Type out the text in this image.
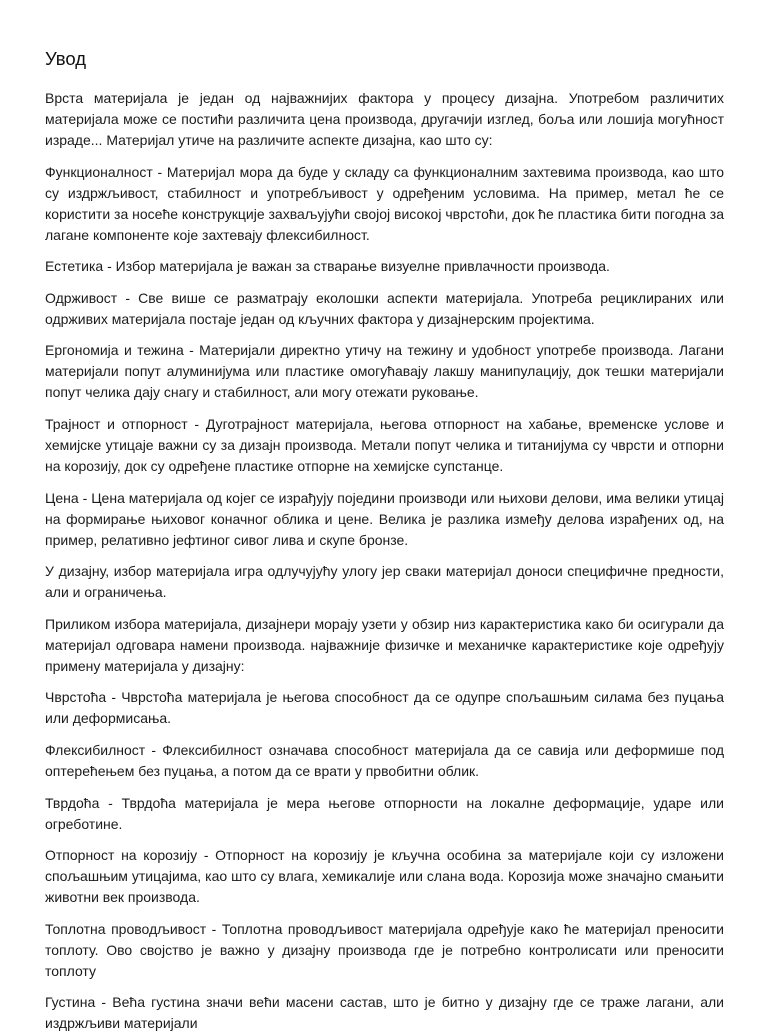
Увод

Врста материјала је један од најважнијих фактора у процесу дизајна. Употребом различитих материјала може се постићи различита цена производа, другачији изглед, боља или лошија могућност израде... Материјал утиче на различите аспекте дизајна, као што су:

Функционалност - Материјал мора да буде у складу са функционалним захтевима производа, као што су издржљивост, стабилност и употребљивост у одређеним условима. На пример, метал ће се користити за носеће конструкције захваљујући својој високој чврстоћи, док ће пластика бити погодна за лагане компоненте које захтевају флексибилност.

Естетика - Избор материјала је важан за стварање визуелне привлачности производа.

Одрживост - Све више се разматрају еколошки аспекти материјала. Употреба рециклираних или одрживих материјала постаје један од кључних фактора у дизајнерским пројектима.

Ергономија и тежина - Материјали директно утичу на тежину и удобност употребе производа. Лагани материјали попут алуминијума или пластике омогућавају лакшу манипулацију, док тешки материјали попут челика дају снагу и стабилност, али могу отежати руковање.

Трајност и отпорност - Дуготрајност материјала, његова отпорност на хабање, временске услове и хемијске утицаје важни су за дизајн производа. Метали попут челика и титанијума су чврсти и отпорни на корозију, док су одређене пластике отпорне на хемијске супстанце.

Цена - Цена материјала од којег се израђују поједини производи или њихови делови, има велики утицај на формирање њиховог коначног облика и цене. Велика је разлика између делова израђених од, на пример, релативно јефтиног сивог лива и скупе бронзе.

У дизајну, избор материјала игра одлучујућу улогу јер сваки материјал доноси специфичне предности, али и ограничења.

Приликом избора материјала, дизајнери морају узети у обзир низ карактеристика како би осигурали да материјал одговара намени производа. најважније физичке и механичке карактеристике које одређују примену материјала у дизајну:

Чврстоћа - Чврстоћа материјала је његова способност да се одупре спољашњим силама без пуцања или деформисања.

Флексибилност - Флексибилност означава способност материјала да се савија или деформише под оптерећењем без пуцања, а потом да се врати у првобитни облик.

Тврдоћа - Тврдоћа материјала је мера његове отпорности на локалне деформације, ударе или огреботине.

Отпорност на корозију - Отпорност на корозију је кључна особина за материјале који су изложени спољашњим утицајима, као што су влага, хемикалије или слана вода. Корозија може значајно смањити животни век производа.

Топлотна проводљивост - Топлотна проводљивост материјала одређује како ће материјал преносити топлоту. Ово својство је важно у дизајну производа где је потребно контролисати или преносити топлоту

Густина - Већа густина значи већи масени састав, што је битно у дизајну где се траже лагани, али издржљиви материјали
